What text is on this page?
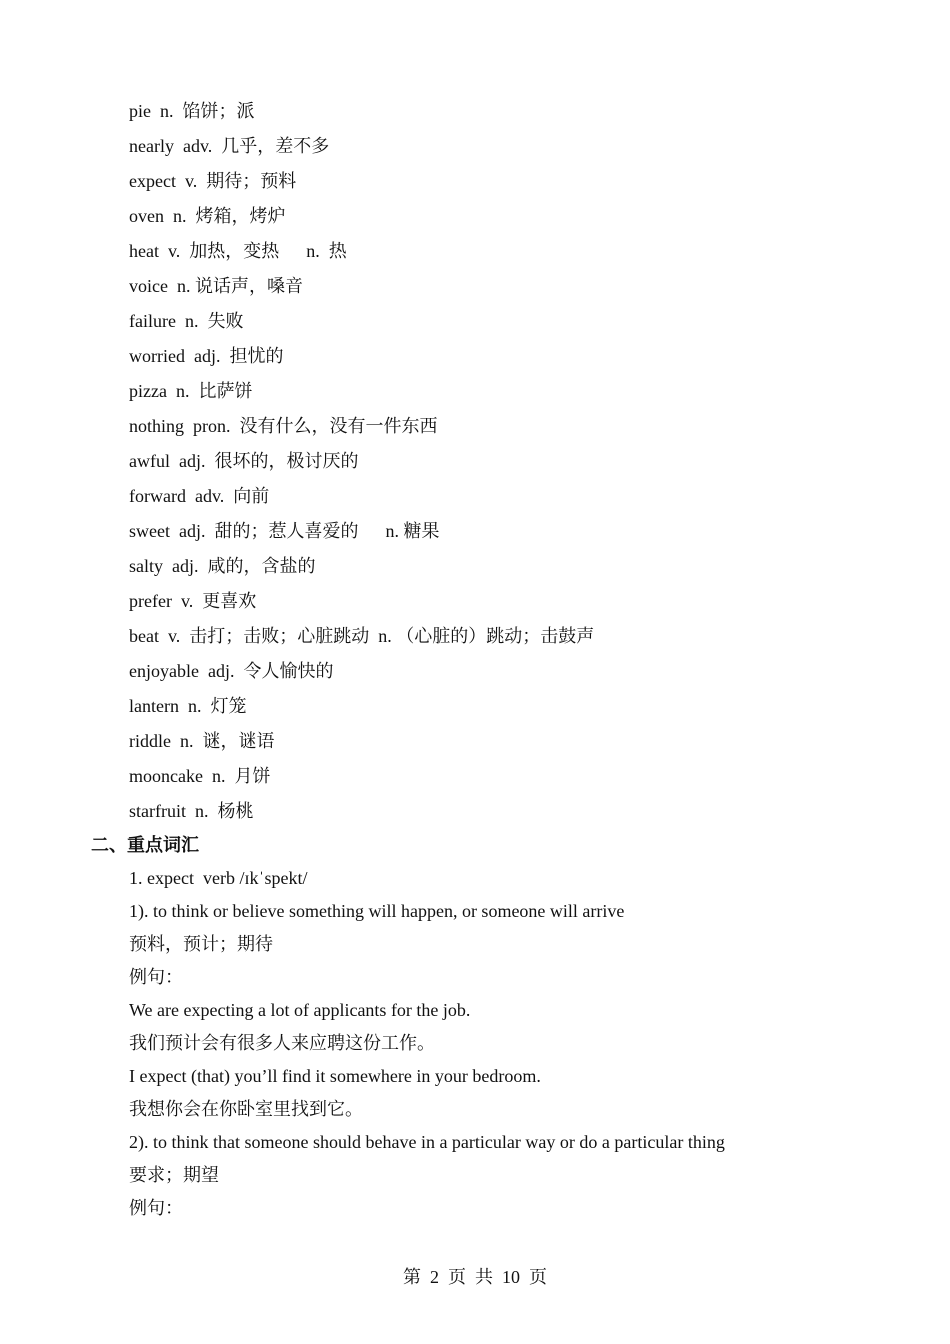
pie  n.  馅饼；派
nearly  adv.  几乎，差不多
expect  v.  期待；预料
oven  n.  烤箱，烤炉
heat  v.  加热，变热      n.  热
voice  n. 说话声，嗓音
failure  n.  失败
worried  adj.  担忧的
pizza  n.  比萨饼
nothing  pron.  没有什么，没有一件东西
awful  adj.  很坏的，极讨厌的
forward  adv.  向前
sweet  adj.  甜的；惹人喜爱的      n. 糖果
salty  adj.  咸的，含盐的
prefer  v.  更喜欢
beat  v.  击打；击败；心脏跳动  n. （心脏的）跳动；击鼓声
enjoyable  adj.  令人愉快的
lantern  n.  灯笼
riddle  n.  谜，谜语
mooncake  n.  月饼
starfruit  n.  杨桃
二、重点词汇
1. expect  verb /ɪkˈspekt/
1). to think or believe something will happen, or someone will arrive
预料，预计；期待
例句：
We are expecting a lot of applicants for the job.
我们预计会有很多人来应聘这份工作。
I expect (that) you’ll find it somewhere in your bedroom.
我想你会在你卧室里找到它。
2). to think that someone should behave in a particular way or do a particular thing
要求；期望
例句：
第  2  页  共  10  页
